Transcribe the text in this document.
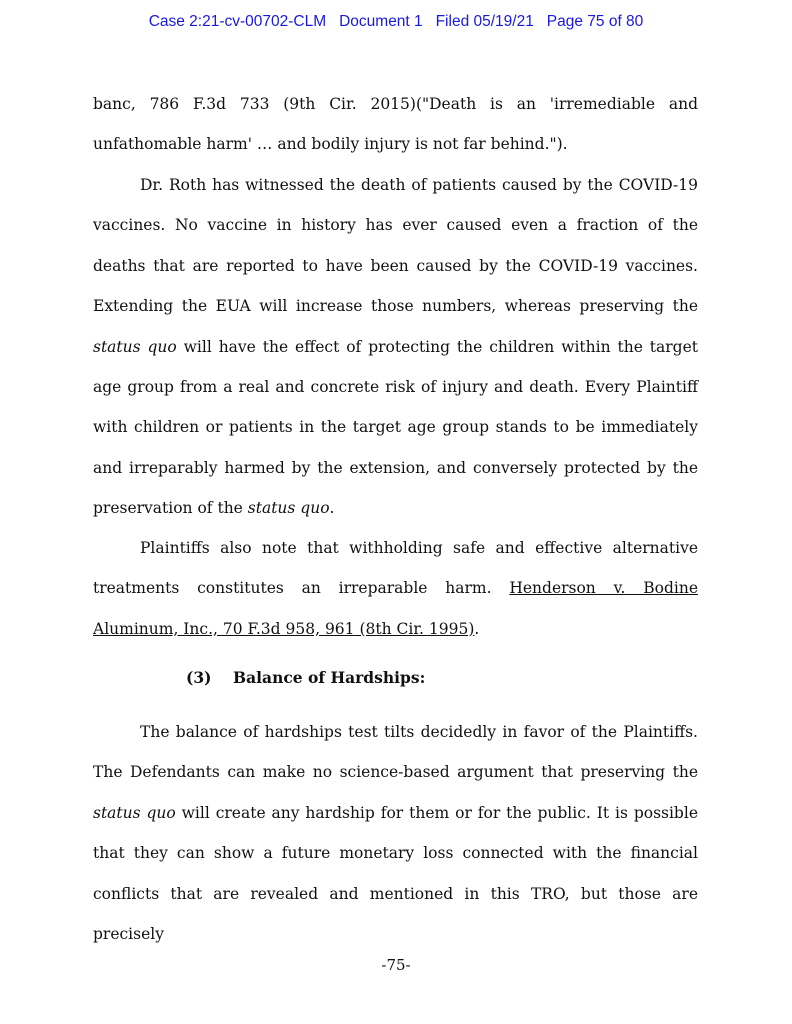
Case 2:21-cv-00702-CLM Document 1 Filed 05/19/21 Page 75 of 80

banc, 786 F.3d 733 (9th Cir. 2015)("Death is an 'irremediable and unfathomable harm' … and bodily injury is not far behind.").

Dr. Roth has witnessed the death of patients caused by the COVID-19 vaccines. No vaccine in history has ever caused even a fraction of the deaths that are reported to have been caused by the COVID-19 vaccines. Extending the EUA will increase those numbers, whereas preserving the status quo will have the effect of protecting the children within the target age group from a real and concrete risk of injury and death. Every Plaintiff with children or patients in the target age group stands to be immediately and irreparably harmed by the extension, and conversely protected by the preservation of the status quo.

Plaintiffs also note that withholding safe and effective alternative treatments constitutes an irreparable harm. Henderson v. Bodine Aluminum, Inc., 70 F.3d 958, 961 (8th Cir. 1995).

(3) Balance of Hardships:

The balance of hardships test tilts decidedly in favor of the Plaintiffs. The Defendants can make no science-based argument that preserving the status quo will create any hardship for them or for the public. It is possible that they can show a future monetary loss connected with the financial conflicts that are revealed and mentioned in this TRO, but those are precisely

-75-
